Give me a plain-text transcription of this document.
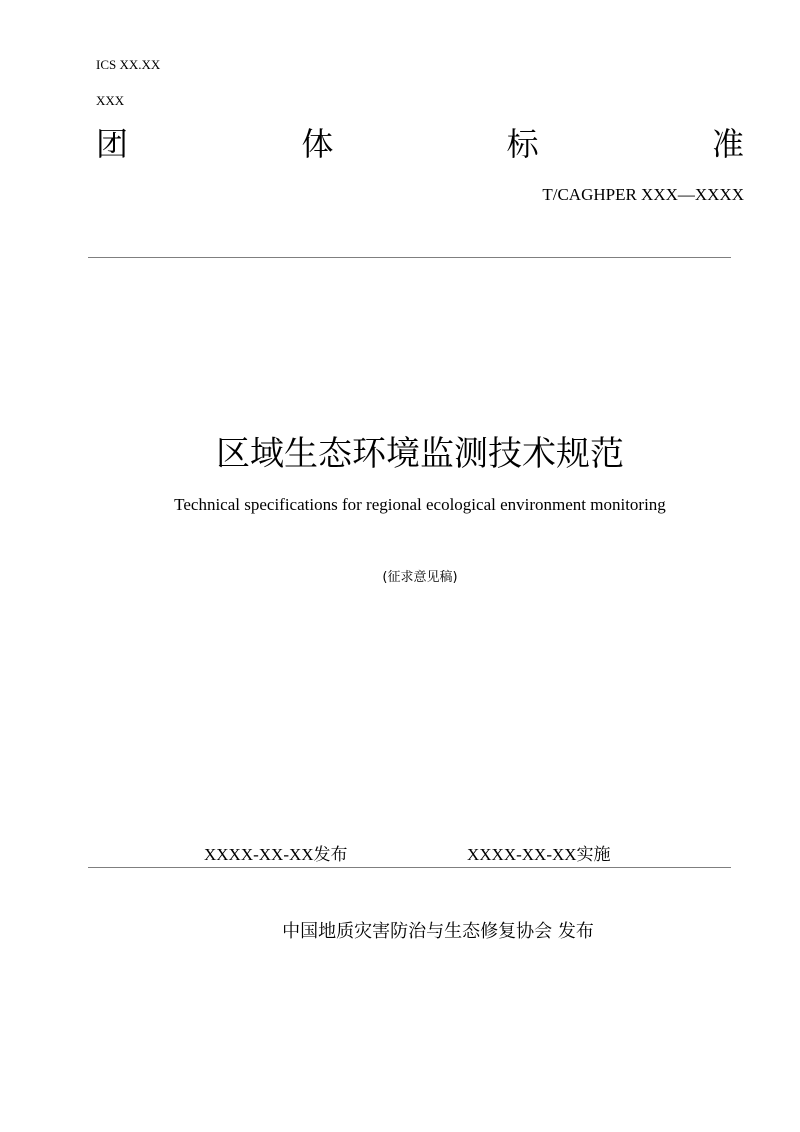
ICS XX.XX
XXX
团	体	标	准
T/CAGHPER XXX—XXXX
区域生态环境监测技术规范
Technical specifications for regional ecological environment monitoring
(征求意见稿)
XXXX-XX-XX发布	XXXX-XX-XX实施
中国地质灾害防治与生态修复协会 发布
